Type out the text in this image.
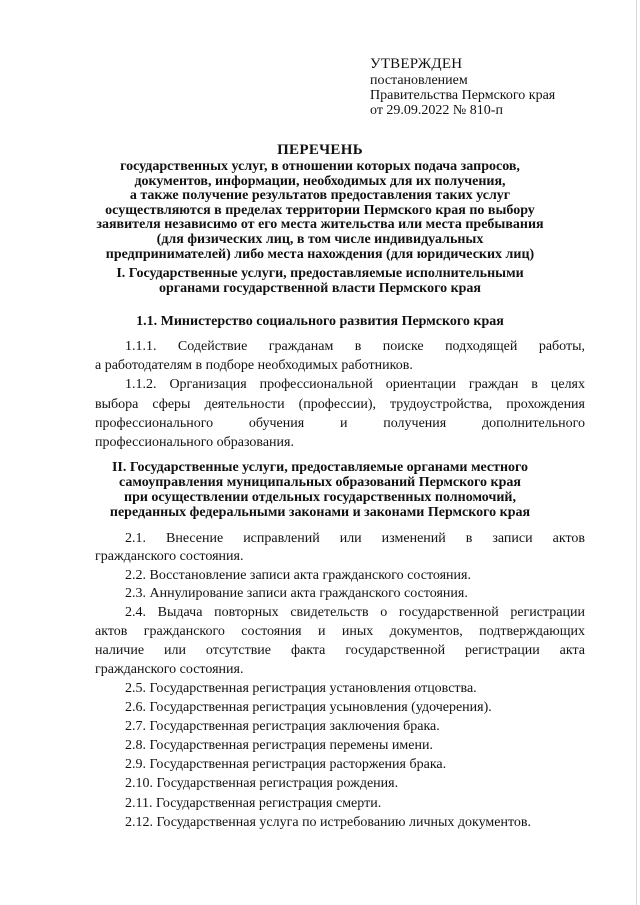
УТВЕРЖДЕН
постановлением
Правительства Пермского края
от 29.09.2022 № 810-п
ПЕРЕЧЕНЬ
государственных услуг, в отношении которых подача запросов,
документов, информации, необходимых для их получения,
а также получение результатов предоставления таких услуг
осуществляются в пределах территории Пермского края по выбору
заявителя независимо от его места жительства или места пребывания
(для физических лиц, в том числе индивидуальных
предпринимателей) либо места нахождения (для юридических лиц)
I. Государственные услуги, предоставляемые исполнительными
органами государственной власти Пермского края
1.1. Министерство социального развития Пермского края
1.1.1. Содействие гражданам в поиске подходящей работы,
а работодателям в подборе необходимых работников.
1.1.2. Организация профессиональной ориентации граждан в целях
выбора сферы деятельности (профессии), трудоустройства, прохождения
профессионального обучения и получения дополнительного
профессионального образования.
II. Государственные услуги, предоставляемые органами местного
самоуправления муниципальных образований Пермского края
при осуществлении отдельных государственных полномочий,
переданных федеральными законами и законами Пермского края
2.1. Внесение исправлений или изменений в записи актов
гражданского состояния.
2.2. Восстановление записи акта гражданского состояния.
2.3. Аннулирование записи акта гражданского состояния.
2.4. Выдача повторных свидетельств о государственной регистрации
актов гражданского состояния и иных документов, подтверждающих
наличие или отсутствие факта государственной регистрации акта
гражданского состояния.
2.5. Государственная регистрация установления отцовства.
2.6. Государственная регистрация усыновления (удочерения).
2.7. Государственная регистрация заключения брака.
2.8. Государственная регистрация перемены имени.
2.9. Государственная регистрация расторжения брака.
2.10. Государственная регистрация рождения.
2.11. Государственная регистрация смерти.
2.12. Государственная услуга по истребованию личных документов.
